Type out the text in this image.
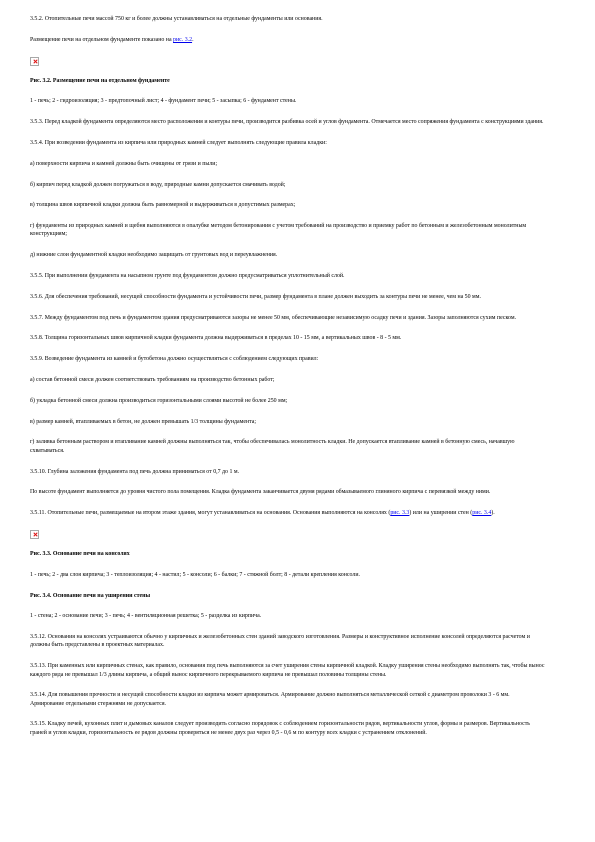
3.5.2. Отопительные печи массой 750 кг и более должны устанавливаться на отдельные фундаменты или основания.

Размещение печи на отдельном фундаменте показано на рис. 3.2.

Рис. 3.2. Размещение печи на отдельном фундаменте

1 - печь; 2 - гидроизоляция; 3 - предтопочный лист; 4 - фундамент печи; 5 - засыпка; 6 - фундамент стены.

3.5.3. Перед кладкой фундамента определяются место расположения и контуры печи, производится разбивка осей и углов фундамента. Отмечается место сопряжения фундамента с конструкциями здания.

3.5.4. При возведении фундамента из кирпича или природных камней следует выполнять следующие правила кладки:

а) поверхности кирпича и камней должны быть очищены от грязи и пыли;

б) кирпич перед кладкой должен погружаться в воду, природные камни допускается смачивать водой;

в) толщина швов кирпичной кладки должна быть равномерной и выдерживаться в допустимых размерах;

г) фундаменты из природных камней и щебня выполняются в опалубке методом бетонирования с учетом требований на производство и приемку работ по бетонным и железобетонным монолитным конструкциям;

д) нижние слои фундаментной кладки необходимо защищать от грунтовых вод и переувлажнения.

3.5.5. При выполнении фундамента на насыпном грунте под фундаментом должно предусматриваться уплотнительный слой.

3.5.6. Для обеспечения требований, несущей способности фундамента и устойчивости печи, размер фундамента в плане должен выходить за контуры печи не менее, чем на 50 мм.

3.5.7. Между фундаментом под печь и фундаментом здания предусматриваются зазоры не менее 50 мм, обеспечивающие независимую осадку печи и здания. Зазоры заполняются сухим песком.

3.5.8. Толщина горизонтальных швов кирпичной кладки фундамента должна выдерживаться в пределах 10 - 15 мм, а вертикальных швов - 8 - 5 мм.

3.5.9. Возведение фундамента из камней и бутобетона должно осуществляться с соблюдением следующих правил:

а) состав бетонной смеси должен соответствовать требованиям на производство бетонных работ;

б) укладка бетонной смеси должна производиться горизонтальными слоями высотой не более 250 мм;

в) размер камней, втапливаемых в бетон, не должен превышать 1/3 толщины фундамента;

г) заливка бетонным раствором и втапливание камней должны выполняться так, чтобы обеспечивалась монолитность кладки. Не допускается втапливание камней в бетонную смесь, начавшую схватываться.

3.5.10. Глубина заложения фундамента под печь должна приниматься от 0,7 до 1 м.

По высоте фундамент выполняется до уровня чистого пола помещения. Кладка фундамента заканчивается двумя рядами обмазываемого глиняного кирпича с перевязкой между ними.

3.5.11. Отопительные печи, размещаемые на втором этаже здания, могут устанавливаться на основания. Основания выполняются на консолях (рис. 3.3) или на уширении стен (рис. 3.4).

Рис. 3.3. Основание печи на консолях

1 - печь; 2 - два слоя кирпича; 3 - теплоизоляция; 4 - настил; 5 - консоли; 6 - балки; 7 - стяжной болт; 8 - детали крепления консоли.

Рис. 3.4. Основание печи на уширении стены

1 - стена; 2 - основание печи; 3 - печь; 4 - вентиляционная решетка; 5 - разделка из кирпича.

3.5.12. Основания на консолях устраиваются обычно у кирпичных и железобетонных стен зданий заводского изготовления. Размеры и конструктивное исполнение консолей определяются расчетом и должны быть представлены в проектных материалах.

3.5.13. При каменных или кирпичных стенах, как правило, основания под печь выполняются за счет уширения стены кирпичной кладкой. Кладку уширения стены необходимо выполнять так, чтобы вынос каждого ряда не превышал 1/3 длины кирпича, а общий вынос кирпичного перекрываемого кирпича не превышал половины толщины стены.

3.5.14. Для повышения прочности и несущей способности кладки из кирпича может армироваться. Армирование должно выполняться металлической сеткой с диаметром проволоки 3 - 6 мм. Армирование отдельными стержнями не допускается.

3.5.15. Кладку печей, кухонных плит и дымовых каналов следует производить согласно порядовок с соблюдением горизонтальности рядов, вертикальности углов, формы и размеров. Вертикальность граней и углов кладки, горизонтальность ее рядов должны проверяться не менее двух раз через 0,5 - 0,6 м по контуру всех кладки с устранением отклонений.
